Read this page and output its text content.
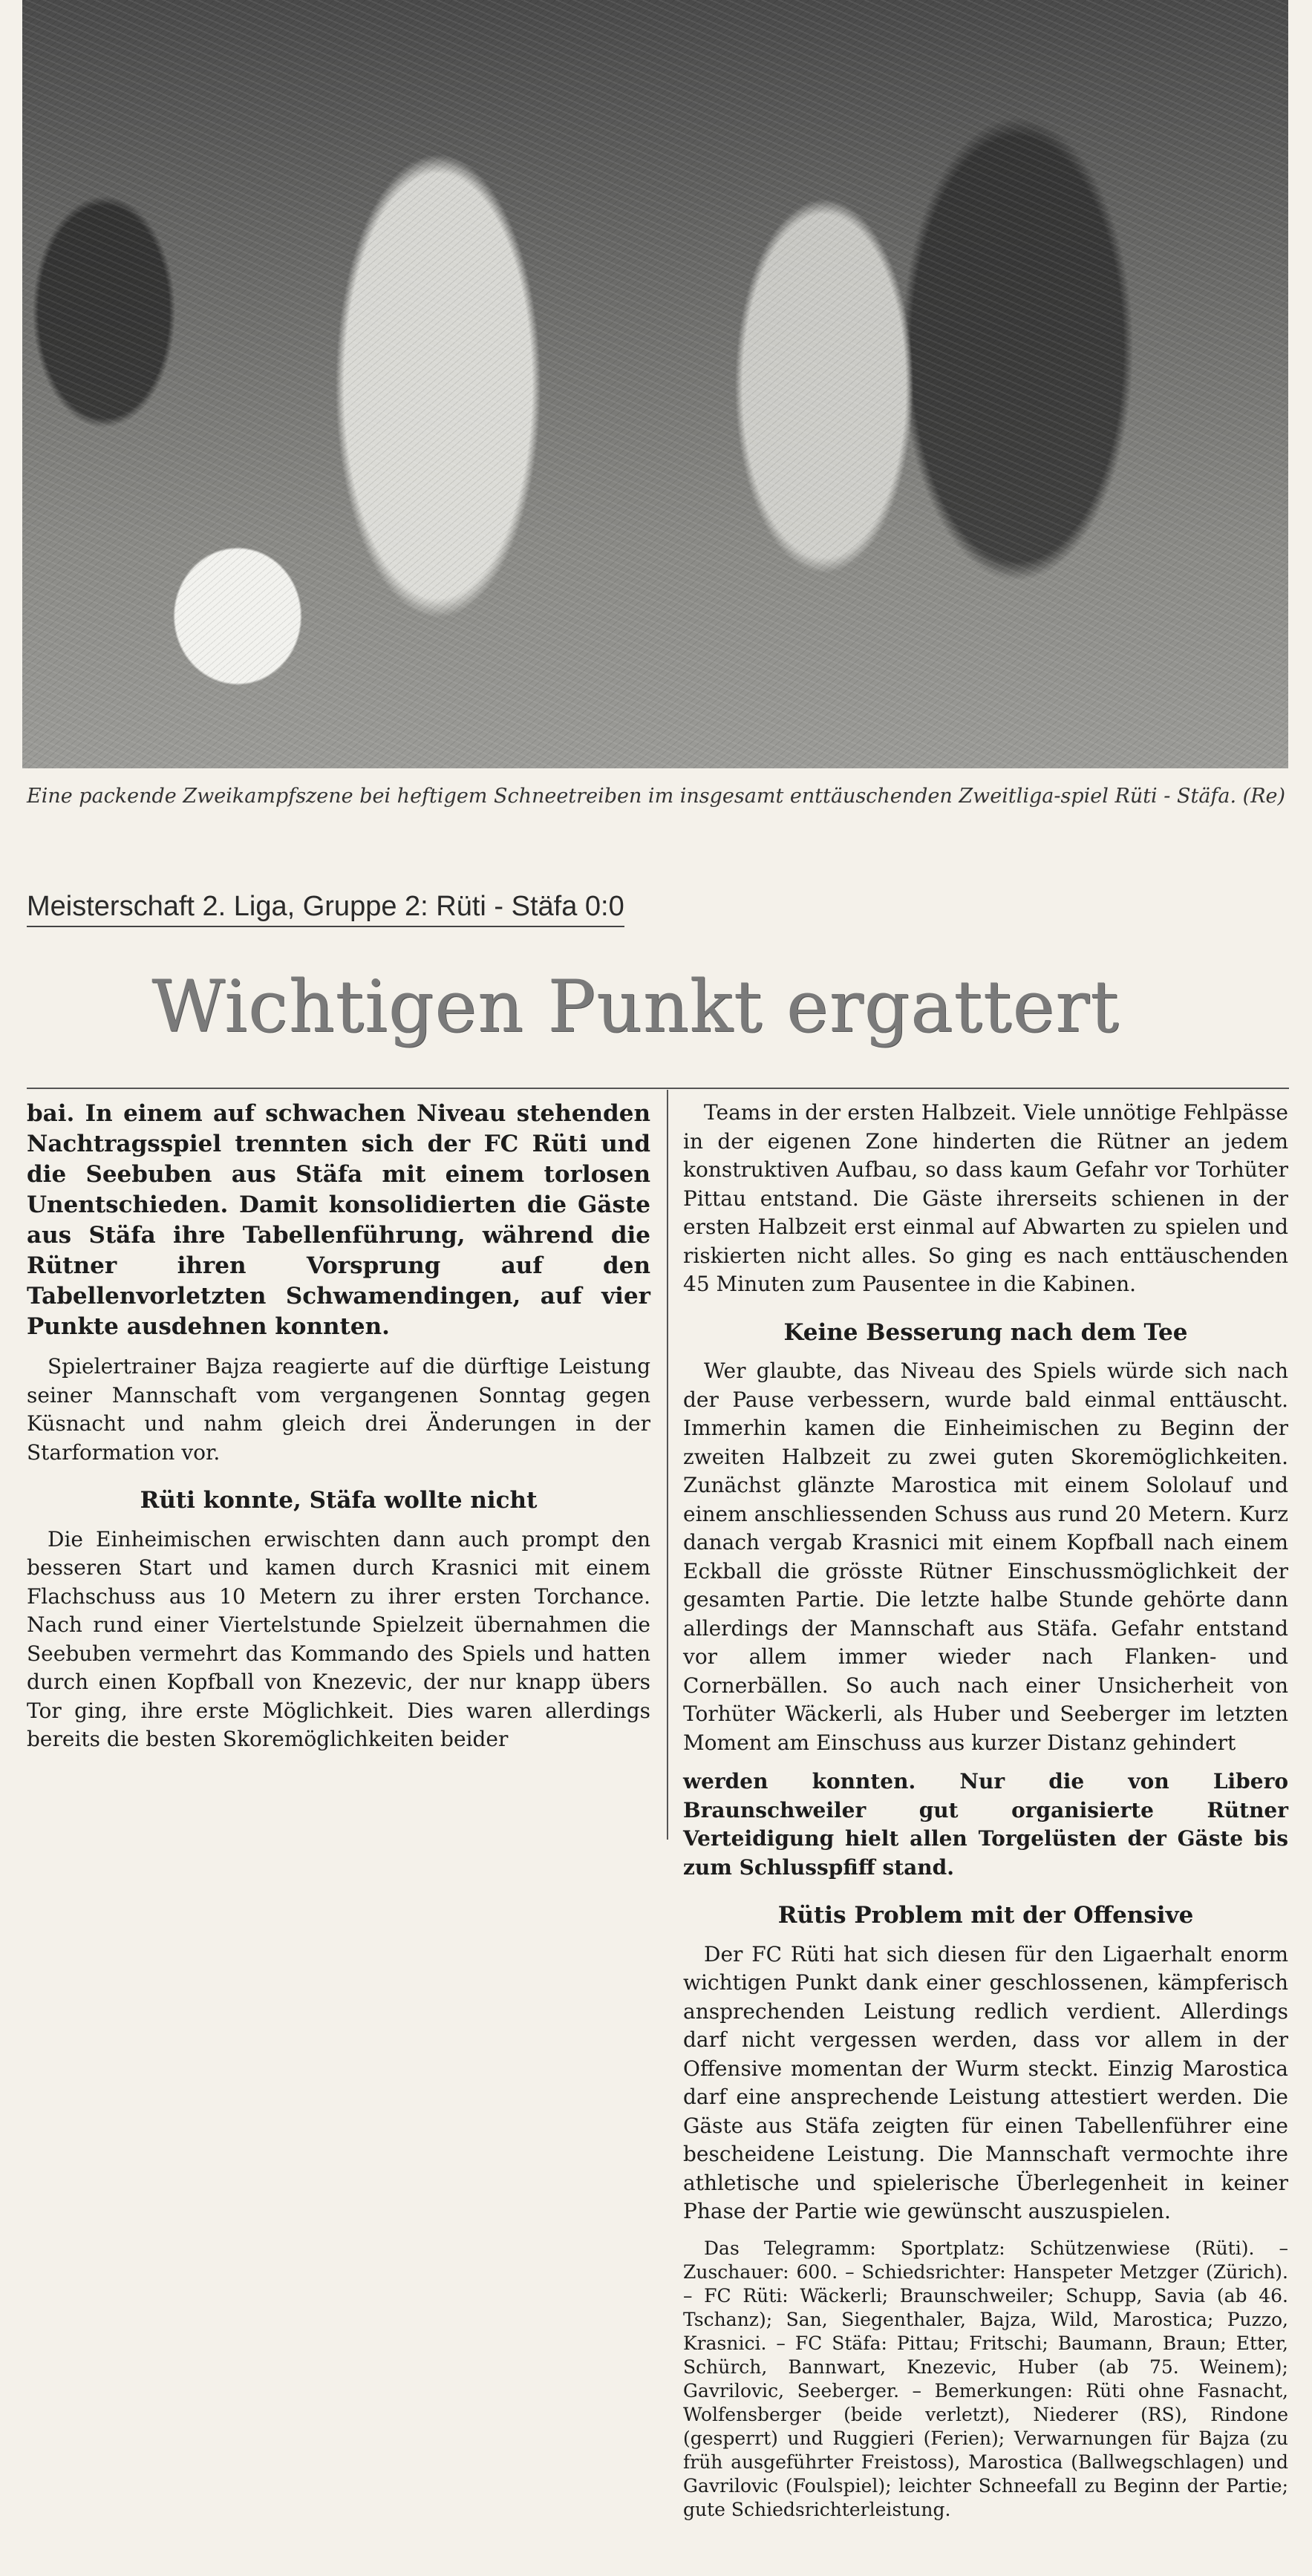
Eine packende Zweikampfszene bei heftigem Schneetreiben im insgesamt enttäuschenden Zweitliga-spiel Rüti - Stäfa. (Re)
Meisterschaft 2. Liga, Gruppe 2: Rüti - Stäfa 0:0
Wichtigen Punkt ergattert

bai. In einem auf schwachen Niveau stehenden Nachtragsspiel trennten sich der FC Rüti und die Seebuben aus Stäfa mit einem torlosen Unentschieden. Damit konsolidierten die Gäste aus Stäfa ihre Tabellenführung, während die Rütner ihren Vorsprung auf den Tabellenvorletzten Schwamendingen, auf vier Punkte ausdehnen konnten.

Spielertrainer Bajza reagierte auf die dürftige Leistung seiner Mannschaft vom vergangenen Sonntag gegen Küsnacht und nahm gleich drei Änderungen in der Starformation vor.

Rüti konnte, Stäfa wollte nicht

Die Einheimischen erwischten dann auch prompt den besseren Start und kamen durch Krasnici mit einem Flachschuss aus 10 Metern zu ihrer ersten Torchance. Nach rund einer Viertelstunde Spielzeit übernahmen die Seebuben vermehrt das Kommando des Spiels und hatten durch einen Kopfball von Knezevic, der nur knapp übers Tor ging, ihre erste Möglichkeit. Dies waren allerdings bereits die besten Skoremöglichkeiten beider

Teams in der ersten Halbzeit. Viele unnötige Fehlpässe in der eigenen Zone hinderten die Rütner an jedem konstruktiven Aufbau, so dass kaum Gefahr vor Torhüter Pittau entstand. Die Gäste ihrerseits schienen in der ersten Halbzeit erst einmal auf Abwarten zu spielen und riskierten nicht alles. So ging es nach enttäuschenden 45 Minuten zum Pausentee in die Kabinen.

Keine Besserung nach dem Tee

Wer glaubte, das Niveau des Spiels würde sich nach der Pause verbessern, wurde bald einmal enttäuscht. Immerhin kamen die Einheimischen zu Beginn der zweiten Halbzeit zu zwei guten Skoremöglichkeiten. Zunächst glänzte Marostica mit einem Sololauf und einem anschliessenden Schuss aus rund 20 Metern. Kurz danach vergab Krasnici mit einem Kopfball nach einem Eckball die grösste Rütner Einschussmöglichkeit der gesamten Partie. Die letzte halbe Stunde gehörte dann allerdings der Mannschaft aus Stäfa. Gefahr entstand vor allem immer wieder nach Flanken- und Cornerbällen. So auch nach einer Unsicherheit von Torhüter Wäckerli, als Huber und Seeberger im letzten Moment am Einschuss aus kurzer Distanz gehindert

werden konnten. Nur die von Libero Braunschweiler gut organisierte Rütner Verteidigung hielt allen Torgelüsten der Gäste bis zum Schlusspfiff stand.

Rütis Problem mit der Offensive

Der FC Rüti hat sich diesen für den Ligaerhalt enorm wichtigen Punkt dank einer geschlossenen, kämpferisch ansprechenden Leistung redlich verdient. Allerdings darf nicht vergessen werden, dass vor allem in der Offensive momentan der Wurm steckt. Einzig Marostica darf eine ansprechende Leistung attestiert werden. Die Gäste aus Stäfa zeigten für einen Tabellenführer eine bescheidene Leistung. Die Mannschaft vermochte ihre athletische und spielerische Überlegenheit in keiner Phase der Partie wie gewünscht auszuspielen.

Das Telegramm: Sportplatz: Schützenwiese (Rüti). – Zuschauer: 600. – Schiedsrichter: Hanspeter Metzger (Zürich). – FC Rüti: Wäckerli; Braunschweiler; Schupp, Savia (ab 46. Tschanz); San, Siegenthaler, Bajza, Wild, Marostica; Puzzo, Krasnici. – FC Stäfa: Pittau; Fritschi; Baumann, Braun; Etter, Schürch, Bannwart, Knezevic, Huber (ab 75. Weinem); Gavrilovic, Seeberger. – Bemerkungen: Rüti ohne Fasnacht, Wolfensberger (beide verletzt), Niederer (RS), Rindone (gesperrt) und Ruggieri (Ferien); Verwarnungen für Bajza (zu früh ausgeführter Freistoss), Marostica (Ballwegschlagen) und Gavrilovic (Foulspiel); leichter Schneefall zu Beginn der Partie; gute Schiedsrichterleistung.
